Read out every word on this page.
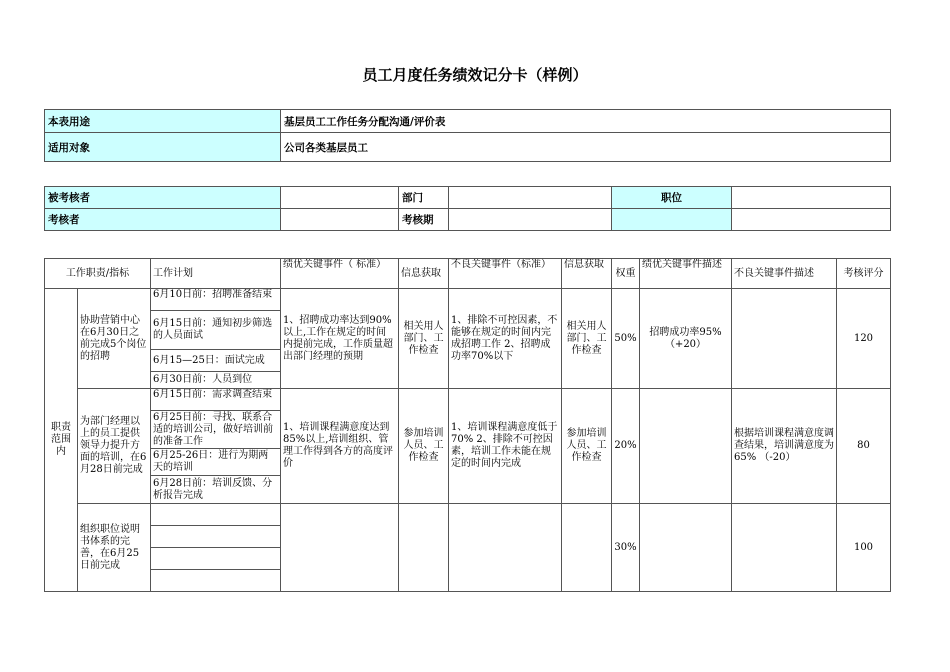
员工月度任务绩效记分卡（样例）
本表用途	基层员工工作任务分配沟通/评价表
适用对象	公司各类基层员工
被考核者		部门		职位	
考核者		考核期			
工作职责/指标		工作计划	绩优关键事件（ 标准）	信息获取	不良关键事件（标准）	信息获取	权重	绩优关键事件描述	不良关键事件描述	考核评分
职责范围内	协助营销中心在6月30日之前完成5个岗位的招聘	6月10日前：招聘准备结束	1、招聘成功率达到90%以上,工作在规定的时间内提前完成，工作质量超出部门经理的预期	相关用人部门、工作检查	1、排除不可控因素，不能够在规定的时间内完成招聘工作 2、招聘成功率70%以下	相关用人部门、工作检查	50%	招聘成功率95%（+20）		120
		6月15日前：通知初步筛选的人员面试								
		6月15—25日：面试完成								
		6月30日前：人员到位								
	为部门经理以上的员工提供领导力提升方面的培训，在6月28日前完成	6月15日前：需求调查结束	1、培训课程满意度达到85%以上,培训组织、管理工作得到各方的高度评价	参加培训人员、工作检查	1、培训课程满意度低于70% 2、排除不可控因素，培训工作未能在规定的时间内完成	参加培训人员、工作检查	20%		根据培训课程满意度调查结果，培训满意度为65% （-20）	80
		6月25日前：寻找、联系合适的培训公司，做好培训前的准备工作								
		6月25-26日：进行为期两天的培训								
		6月28日前：培训反馈、分析报告完成								
	组织职位说明书体系的完善，在6月25日前完成						30%			100
